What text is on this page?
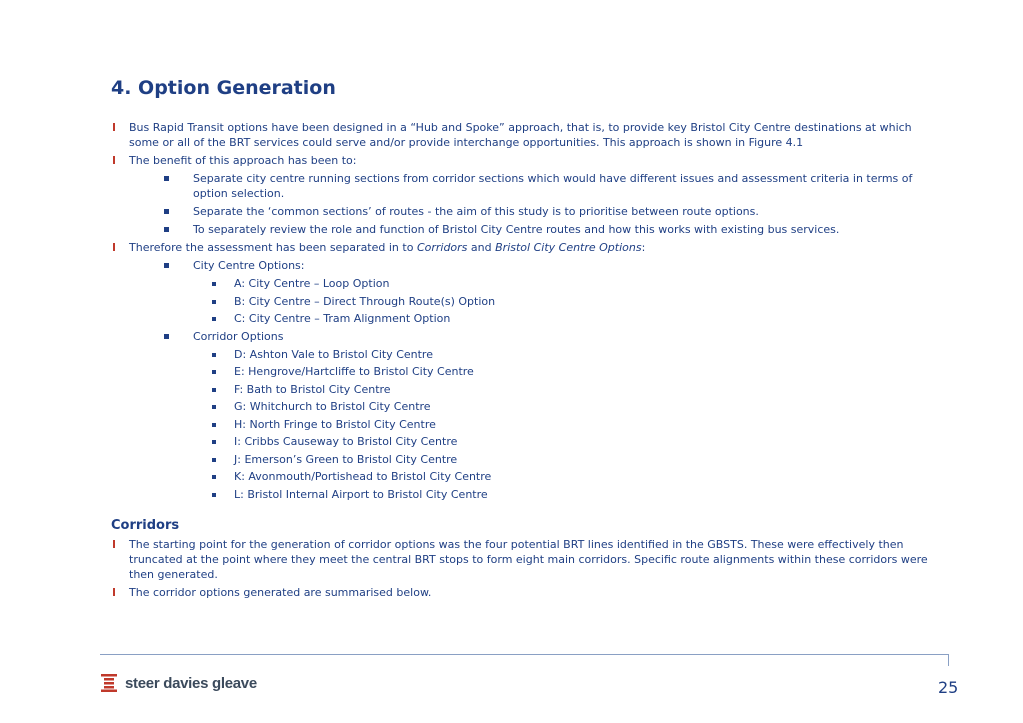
4. Option Generation
Bus Rapid Transit options have been designed in a “Hub and Spoke” approach, that is, to provide key Bristol City Centre destinations at which some or all of the BRT services could serve and/or provide interchange opportunities. This approach is shown in Figure 4.1
The benefit of this approach has been to:
Separate city centre running sections from corridor sections which would have different issues and assessment criteria in terms of option selection.
Separate the ‘common sections’ of routes - the aim of this study is to prioritise between route options.
To separately review the role and function of Bristol City Centre routes and how this works with existing bus services.
Therefore the assessment has been separated in to Corridors and Bristol City Centre Options:
City Centre Options:
A: City Centre – Loop Option
B: City Centre – Direct Through Route(s) Option
C: City Centre – Tram Alignment Option
Corridor Options
D: Ashton Vale to Bristol City Centre
E: Hengrove/Hartcliffe to Bristol City Centre
F: Bath to Bristol City Centre
G: Whitchurch to Bristol City Centre
H: North Fringe to Bristol City Centre
I: Cribbs Causeway to Bristol City Centre
J: Emerson’s Green to Bristol City Centre
K: Avonmouth/Portishead to Bristol City Centre
L: Bristol Internal Airport to Bristol City Centre
Corridors
The starting point for the generation of corridor options was the four potential BRT lines identified in the GBSTS. These were effectively then truncated at the point where they meet the central BRT stops to form eight main corridors. Specific route alignments within these corridors were then generated.
The corridor options generated are summarised below.
steer davies gleave	25
